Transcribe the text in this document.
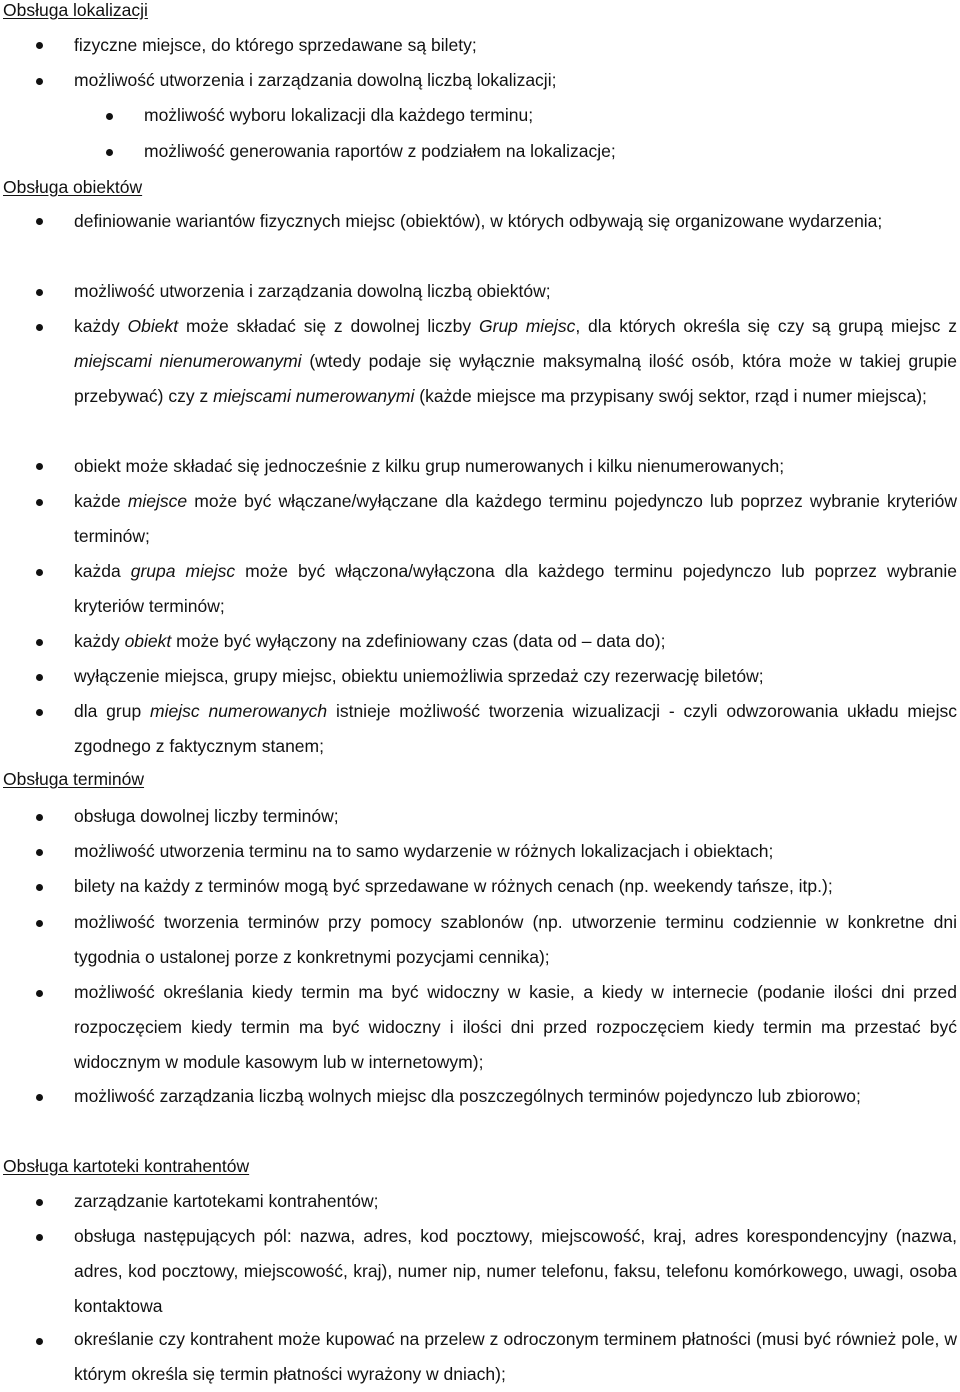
Obsługa lokalizacji
fizyczne miejsce, do którego sprzedawane są bilety;
możliwość utworzenia i zarządzania dowolną liczbą lokalizacji;
możliwość wyboru lokalizacji dla każdego terminu;
możliwość generowania raportów z podziałem na lokalizacje;
Obsługa obiektów
definiowanie wariantów fizycznych miejsc (obiektów), w których odbywają się organizowane wydarzenia;
możliwość utworzenia i zarządzania dowolną liczbą obiektów;
każdy Obiekt może składać się z dowolnej liczby Grup miejsc, dla których określa się czy są grupą miejsc z miejscami nienumerowanymi (wtedy podaje się wyłącznie maksymalną ilość osób, która może w takiej grupie przebywać) czy z miejscami numerowanymi (każde miejsce ma przypisany swój sektor, rząd i numer miejsca);
obiekt może składać się jednocześnie z kilku grup numerowanych i kilku nienumerowanych;
każde miejsce może być włączane/wyłączane dla każdego terminu pojedynczo lub poprzez wybranie kryteriów terminów;
każda grupa miejsc może być włączona/wyłączona dla każdego terminu pojedynczo lub poprzez wybranie kryteriów terminów;
każdy obiekt może być wyłączony na zdefiniowany czas (data od – data do);
wyłączenie miejsca, grupy miejsc, obiektu uniemożliwia sprzedaż czy rezerwację biletów;
dla grup miejsc numerowanych istnieje możliwość tworzenia wizualizacji - czyli odwzorowania układu miejsc zgodnego z faktycznym stanem;
Obsługa terminów
obsługa dowolnej liczby terminów;
możliwość utworzenia terminu na to samo wydarzenie w różnych lokalizacjach i obiektach;
bilety na każdy z terminów mogą być sprzedawane w różnych cenach (np. weekendy tańsze, itp.);
możliwość tworzenia terminów przy pomocy szablonów (np. utworzenie terminu codziennie w konkretne dni tygodnia o ustalonej porze z konkretnymi pozycjami cennika);
możliwość określania kiedy termin ma być widoczny w kasie, a kiedy w internecie (podanie ilości dni przed rozpoczęciem kiedy termin ma być widoczny i ilości dni przed rozpoczęciem kiedy termin ma przestać być widocznym w module kasowym lub w internetowym);
możliwość zarządzania liczbą wolnych miejsc dla poszczególnych terminów pojedynczo lub zbiorowo;
Obsługa kartoteki kontrahentów
zarządzanie kartotekami kontrahentów;
obsługa następujących pól: nazwa, adres, kod pocztowy, miejscowość, kraj, adres korespondencyjny (nazwa, adres, kod pocztowy, miejscowość, kraj), numer nip, numer telefonu, faksu, telefonu komórkowego, uwagi, osoba kontaktowa
określanie czy kontrahent może kupować na przelew z odroczonym terminem płatności (musi być również pole, w którym określa się termin płatności wyrażony w dniach);
